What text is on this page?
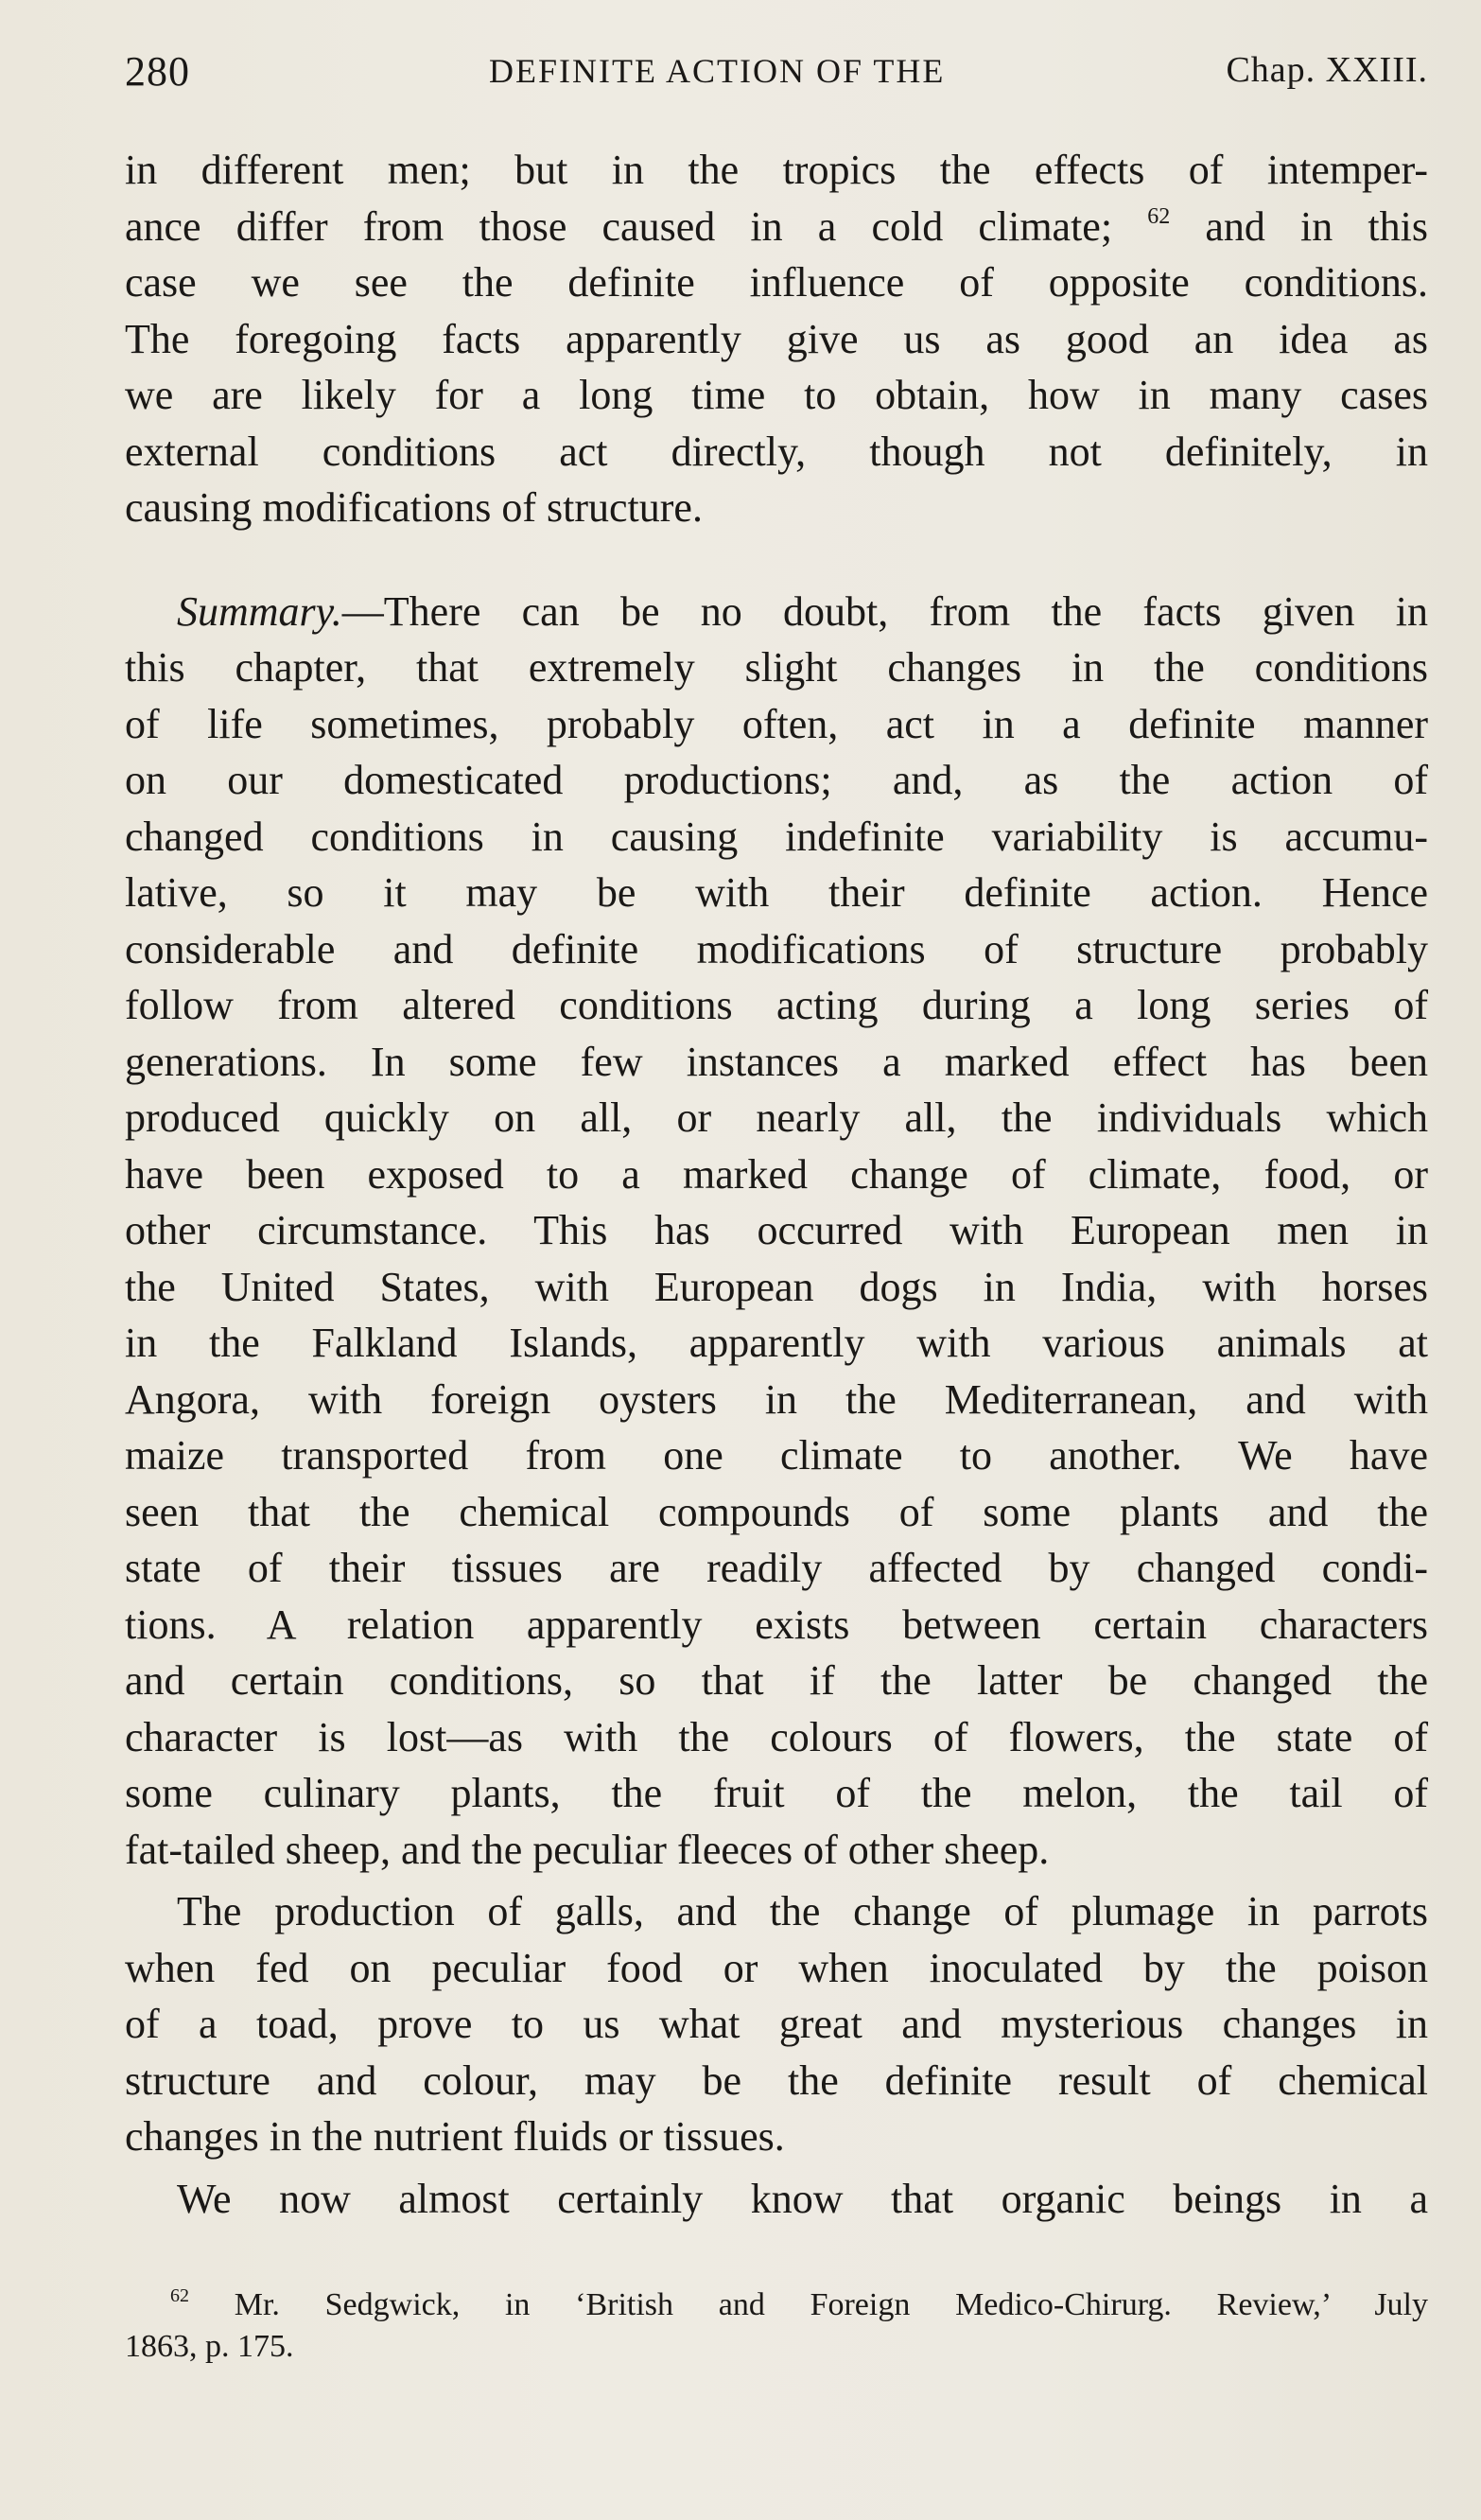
280	DEFINITE ACTION OF THE	Chap. XXIII.
in different men; but in the tropics the effects of intemper-
ance differ from those caused in a cold climate; $^{62}$ and in this
case we see the definite influence of opposite conditions.
The foregoing facts apparently give us as good an idea as
we are likely for a long time to obtain, how in many cases
external conditions act directly, though not definitely, in
causing modifications of structure.
Summary.—There can be no doubt, from the facts given in
this chapter, that extremely slight changes in the conditions
of life sometimes, probably often, act in a definite manner
on our domesticated productions; and, as the action of
changed conditions in causing indefinite variability is accumu-
lative, so it may be with their definite action. Hence
considerable and definite modifications of structure probably
follow from altered conditions acting during a long series of
generations. In some few instances a marked effect has been
produced quickly on all, or nearly all, the individuals which
have been exposed to a marked change of climate, food, or
other circumstance. This has occurred with European men in
the United States, with European dogs in India, with horses
in the Falkland Islands, apparently with various animals at
Angora, with foreign oysters in the Mediterranean, and with
maize transported from one climate to another. We have
seen that the chemical compounds of some plants and the
state of their tissues are readily affected by changed condi-
tions. A relation apparently exists between certain characters
and certain conditions, so that if the latter be changed the
character is lost—as with the colours of flowers, the state of
some culinary plants, the fruit of the melon, the tail of
fat-tailed sheep, and the peculiar fleeces of other sheep.
The production of galls, and the change of plumage in parrots
when fed on peculiar food or when inoculated by the poison
of a toad, prove to us what great and mysterious changes in
structure and colour, may be the definite result of chemical
changes in the nutrient fluids or tissues.
We now almost certainly know that organic beings in a
$^{62}$ Mr. Sedgwick, in ‘British and Foreign Medico-Chirurg. Review,’ July
1863, p. 175.
